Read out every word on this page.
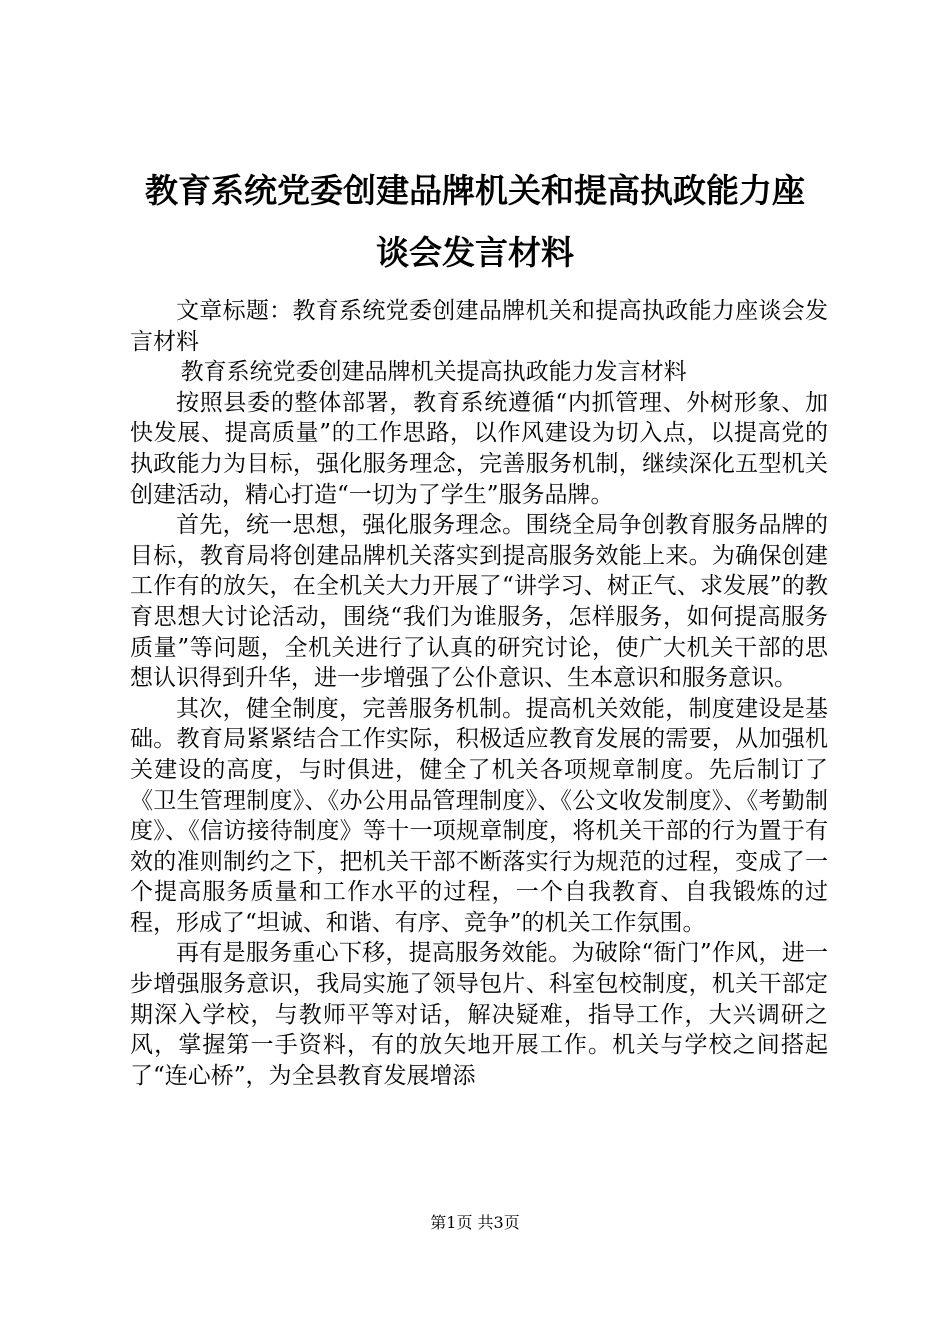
教育系统党委创建品牌机关和提高执政能力座
谈会发言材料

文章标题：教育系统党委创建品牌机关和提高执政能力座谈会发言材料

教育系统党委创建品牌机关提高执政能力发言材料

按照县委的整体部署，教育系统遵循“内抓管理、外树形象、加快发展、提高质量”的工作思路，以作风建设为切入点，以提高党的执政能力为目标，强化服务理念，完善服务机制，继续深化五型机关创建活动，精心打造“一切为了学生”服务品牌。

首先，统一思想，强化服务理念。围绕全局争创教育服务品牌的目标，教育局将创建品牌机关落实到提高服务效能上来。为确保创建工作有的放矢，在全机关大力开展了“讲学习、树正气、求发展”的教育思想大讨论活动，围绕“我们为谁服务，怎样服务，如何提高服务质量”等问题，全机关进行了认真的研究讨论，使广大机关干部的思想认识得到升华，进一步增强了公仆意识、生本意识和服务意识。

其次，健全制度，完善服务机制。提高机关效能，制度建设是基础。教育局紧紧结合工作实际，积极适应教育发展的需要，从加强机关建设的高度，与时俱进，健全了机关各项规章制度。先后制订了《卫生管理制度》、《办公用品管理制度》、《公文收发制度》、《考勤制度》、《信访接待制度》等十一项规章制度，将机关干部的行为置于有效的准则制约之下，把机关干部不断落实行为规范的过程，变成了一个提高服务质量和工作水平的过程，一个自我教育、自我锻炼的过程，形成了“坦诚、和谐、有序、竞争”的机关工作氛围。

再有是服务重心下移，提高服务效能。为破除“衙门”作风，进一步增强服务意识，我局实施了领导包片、科室包校制度，机关干部定期深入学校，与教师平等对话，解决疑难，指导工作，大兴调研之风，掌握第一手资料，有的放矢地开展工作。机关与学校之间搭起了“连心桥”，为全县教育发展增添

第1页 共3页
